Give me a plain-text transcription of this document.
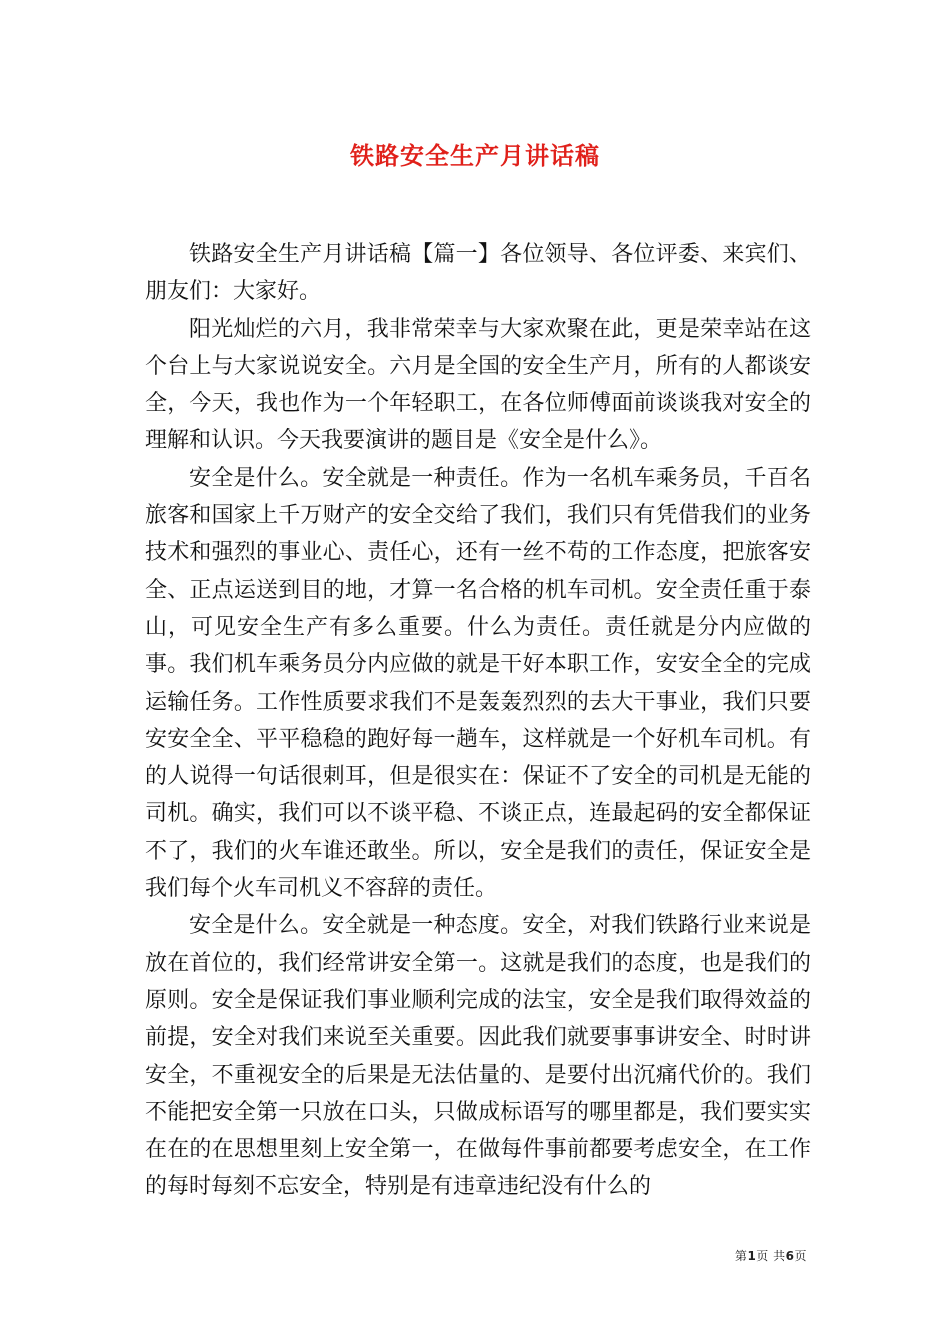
铁路安全生产月讲话稿

铁路安全生产月讲话稿【篇一】各位领导、各位评委、来宾们、朋友们：大家好。

阳光灿烂的六月，我非常荣幸与大家欢聚在此，更是荣幸站在这个台上与大家说说安全。六月是全国的安全生产月，所有的人都谈安全，今天，我也作为一个年轻职工，在各位师傅面前谈谈我对安全的理解和认识。今天我要演讲的题目是《安全是什么》。

安全是什么。安全就是一种责任。作为一名机车乘务员，千百名旅客和国家上千万财产的安全交给了我们，我们只有凭借我们的业务技术和强烈的事业心、责任心，还有一丝不苟的工作态度，把旅客安全、正点运送到目的地，才算一名合格的机车司机。安全责任重于泰山，可见安全生产有多么重要。什么为责任。责任就是分内应做的事。我们机车乘务员分内应做的就是干好本职工作，安安全全的完成运输任务。工作性质要求我们不是轰轰烈烈的去大干事业，我们只要安安全全、平平稳稳的跑好每一趟车，这样就是一个好机车司机。有的人说得一句话很刺耳，但是很实在：保证不了安全的司机是无能的司机。确实，我们可以不谈平稳、不谈正点，连最起码的安全都保证不了，我们的火车谁还敢坐。所以，安全是我们的责任，保证安全是我们每个火车司机义不容辞的责任。

安全是什么。安全就是一种态度。安全，对我们铁路行业来说是放在首位的，我们经常讲安全第一。这就是我们的态度，也是我们的原则。安全是保证我们事业顺利完成的法宝，安全是我们取得效益的前提，安全对我们来说至关重要。因此我们就要事事讲安全、时时讲安全，不重视安全的后果是无法估量的、是要付出沉痛代价的。我们不能把安全第一只放在口头，只做成标语写的哪里都是，我们要实实在在的在思想里刻上安全第一，在做每件事前都要考虑安全，在工作的每时每刻不忘安全，特别是有违章违纪没有什么的

第1页 共6页
